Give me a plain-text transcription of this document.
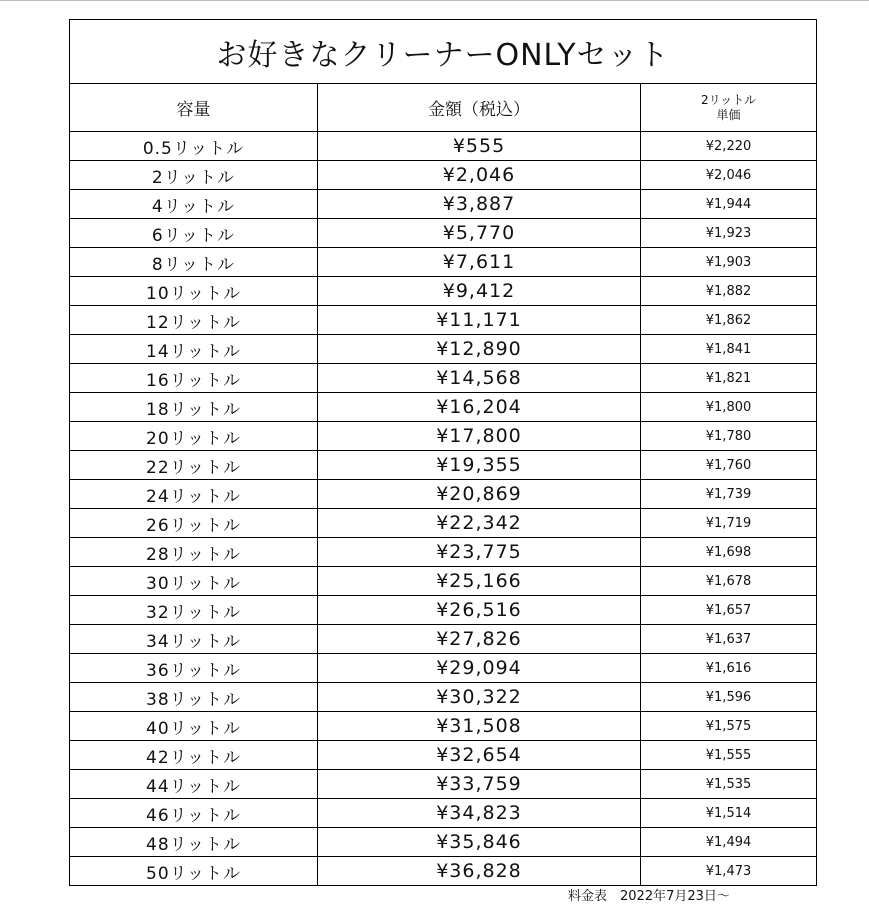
お好きなクリーナーONLYセット		
容量	金額（税込）	2リットル
単価

0.5リットル	¥555	¥2,220
2リットル	¥2,046	¥2,046
4リットル	¥3,887	¥1,944
6リットル	¥5,770	¥1,923
8リットル	¥7,611	¥1,903
10リットル	¥9,412	¥1,882
12リットル	¥11,171	¥1,862
14リットル	¥12,890	¥1,841
16リットル	¥14,568	¥1,821
18リットル	¥16,204	¥1,800
20リットル	¥17,800	¥1,780
22リットル	¥19,355	¥1,760
24リットル	¥20,869	¥1,739
26リットル	¥22,342	¥1,719
28リットル	¥23,775	¥1,698
30リットル	¥25,166	¥1,678
32リットル	¥26,516	¥1,657
34リットル	¥27,826	¥1,637
36リットル	¥29,094	¥1,616
38リットル	¥30,322	¥1,596
40リットル	¥31,508	¥1,575
42リットル	¥32,654	¥1,555
44リットル	¥33,759	¥1,535
46リットル	¥34,823	¥1,514
48リットル	¥35,846	¥1,494
50リットル	¥36,828	¥1,473
料金表　2022年7月23日～
